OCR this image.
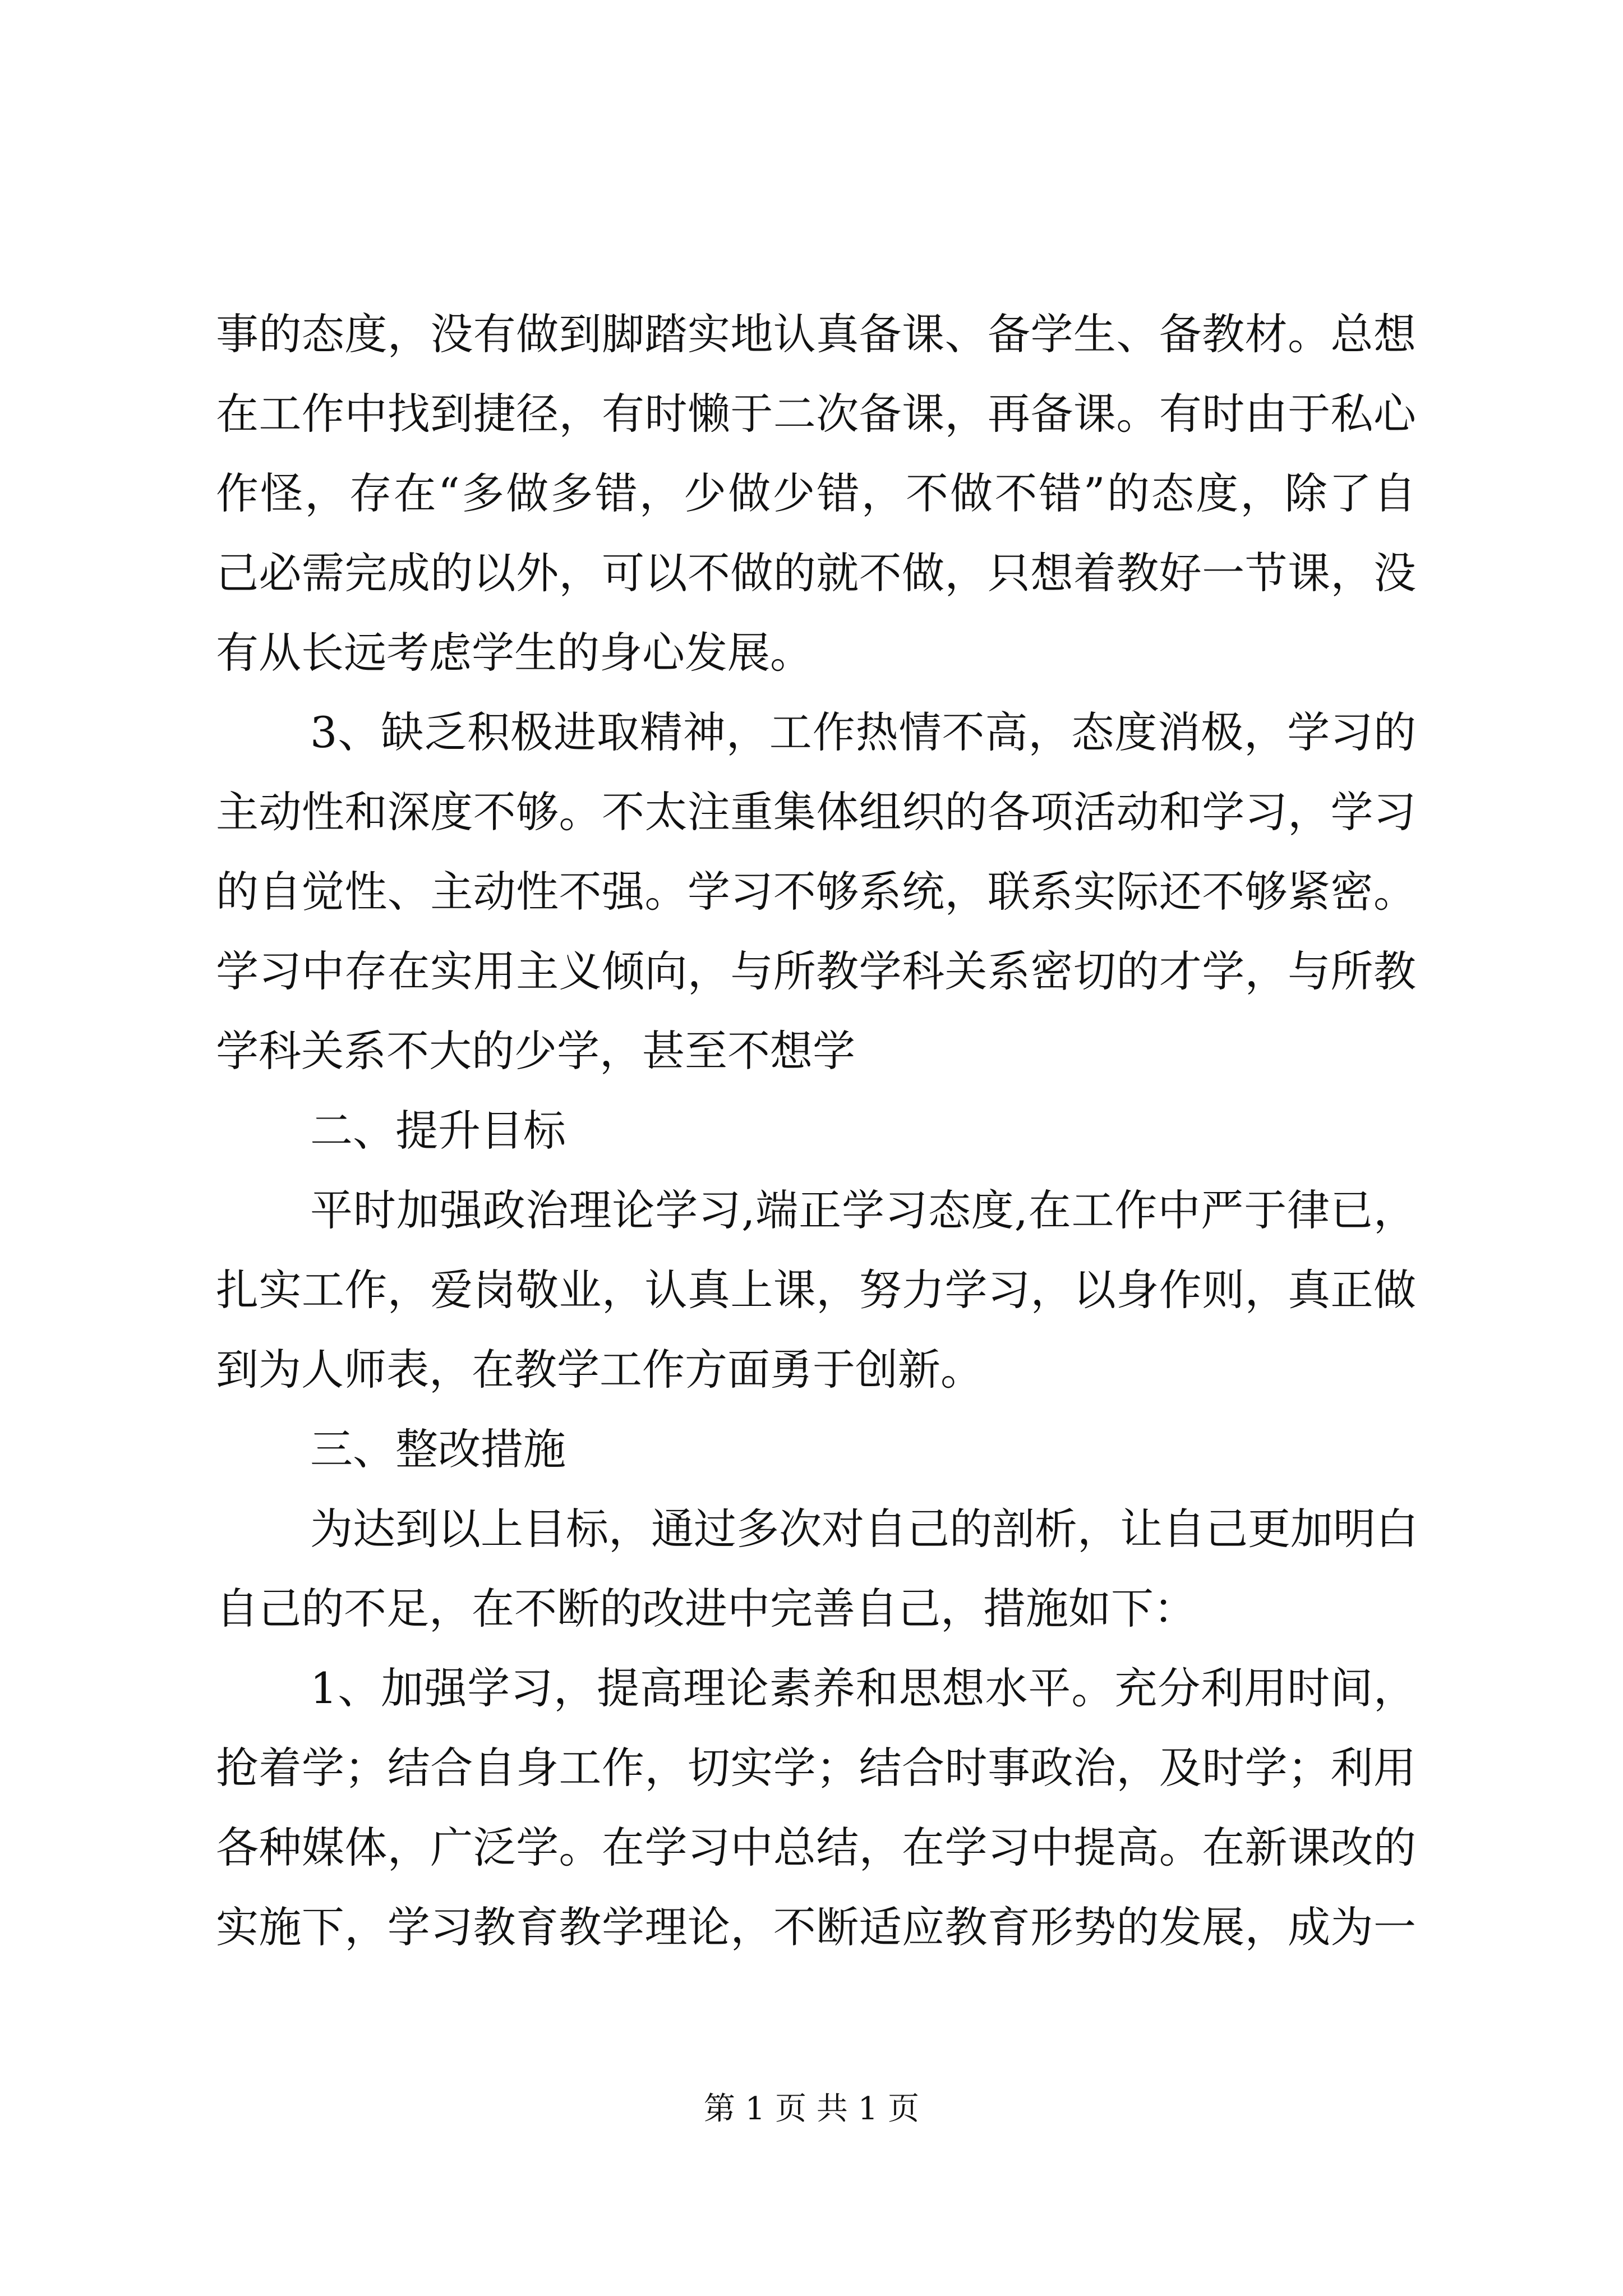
事的态度，没有做到脚踏实地认真备课、备学生、备教材。总想
在工作中找到捷径，有时懒于二次备课，再备课。有时由于私心
作怪，存在“多做多错，少做少错，不做不错”的态度，除了自
己必需完成的以外，可以不做的就不做，只想着教好一节课，没
有从长远考虑学生的身心发展。
3、缺乏积极进取精神，工作热情不高，态度消极，学习的
主动性和深度不够。不太注重集体组织的各项活动和学习，学习
的自觉性、主动性不强。学习不够系统，联系实际还不够紧密。
学习中存在实用主义倾向，与所教学科关系密切的才学，与所教
学科关系不大的少学，甚至不想学
二、提升目标
平时加强政治理论学习,端正学习态度,在工作中严于律已，
扎实工作，爱岗敬业，认真上课，努力学习，以身作则，真正做
到为人师表，在教学工作方面勇于创新。
三、整改措施
为达到以上目标，通过多次对自己的剖析，让自己更加明白
自己的不足，在不断的改进中完善自己，措施如下：
1、加强学习，提高理论素养和思想水平。充分利用时间，
抢着学；结合自身工作，切实学；结合时事政治，及时学；利用
各种媒体，广泛学。在学习中总结，在学习中提高。在新课改的
实施下，学习教育教学理论，不断适应教育形势的发展，成为一
第 1 页 共 1 页
